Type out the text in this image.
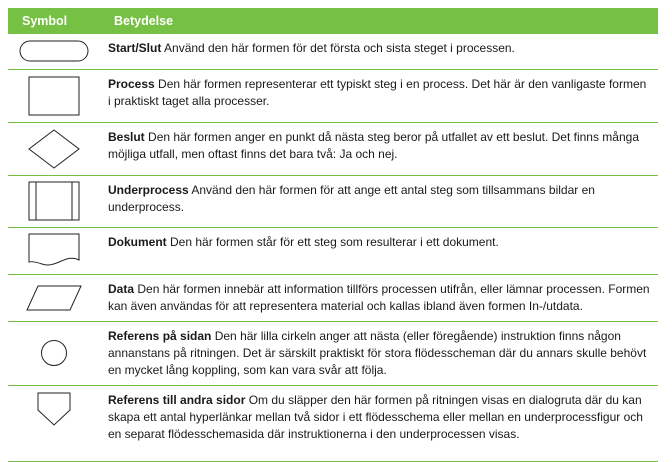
Symbol	Betydelse

	Start/Slut Använd den här formen för det första och sista steget i processen.

	Process Den här formen representerar ett typiskt steg i en process. Det här är den vanligaste formen i praktiskt taget alla processer.

	Beslut Den här formen anger en punkt då nästa steg beror på utfallet av ett beslut. Det finns många möjliga utfall, men oftast finns det bara två: Ja och nej.

	Underprocess Använd den här formen för att ange ett antal steg som tillsammans bildar en underprocess.

	Dokument Den här formen står för ett steg som resulterar i ett dokument.

	Data Den här formen innebär att information tillförs processen utifrån, eller lämnar processen. Formen kan även användas för att representera material och kallas ibland även formen In-/utdata.

	Referens på sidan Den här lilla cirkeln anger att nästa (eller föregående) instruktion finns någon annanstans på ritningen. Det är särskilt praktiskt för stora flödesscheman där du annars skulle behövt en mycket lång koppling, som kan vara svår att följa.

	Referens till andra sidor Om du släpper den här formen på ritningen visas en dialogruta där du kan skapa ett antal hyperlänkar mellan två sidor i ett flödesschema eller mellan en underprocessfigur och en separat flödesschemasida där instruktionerna i den underprocessen visas.
